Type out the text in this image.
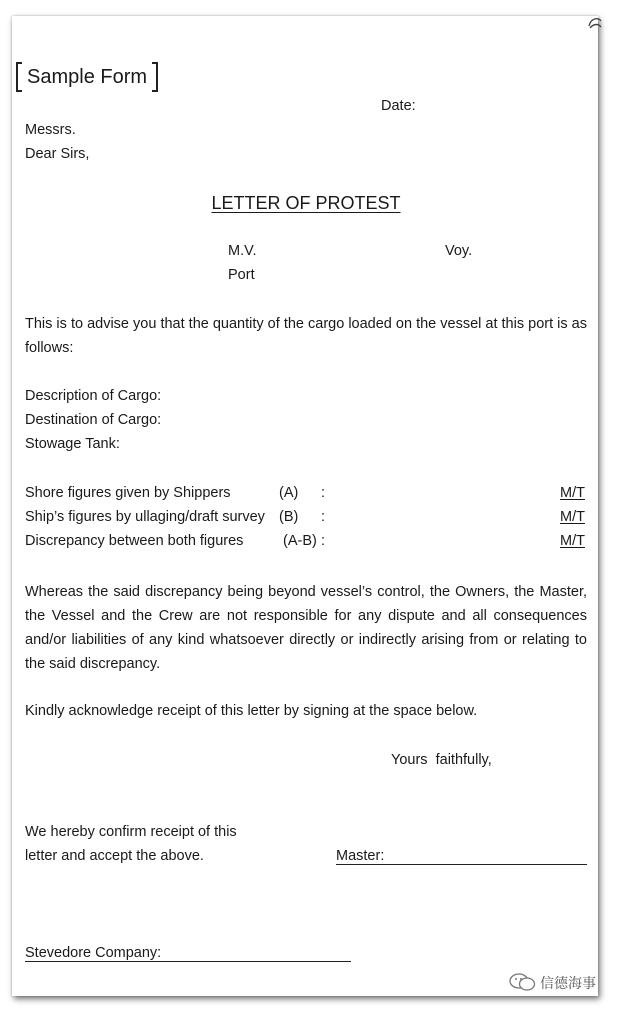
Sample Form
Date:
Messrs.
Dear Sirs,
LETTER OF PROTEST
M.V.	Voy.
Port
This is to advise you that the quantity of the cargo loaded on the vessel at this port is as follows:
Description of Cargo:
Destination of Cargo:
Stowage Tank:
Shore figures given by Shippers	(A) :	M/T
Ship’s figures by ullaging/draft survey (B) :	M/T
Discrepancy between both figures	(A-B) :	M/T
Whereas the said discrepancy being beyond vessel’s control, the Owners, the Master, the Vessel and the Crew are not responsible for any dispute and all consequences and/or liabilities of any kind whatsoever directly or indirectly arising from or relating to the said discrepancy.
Kindly acknowledge receipt of this letter by signing at the space below.
Yours  faithfully,
We hereby confirm receipt of this
letter and accept the above.	Master:
Stevedore Company:
信德海事
